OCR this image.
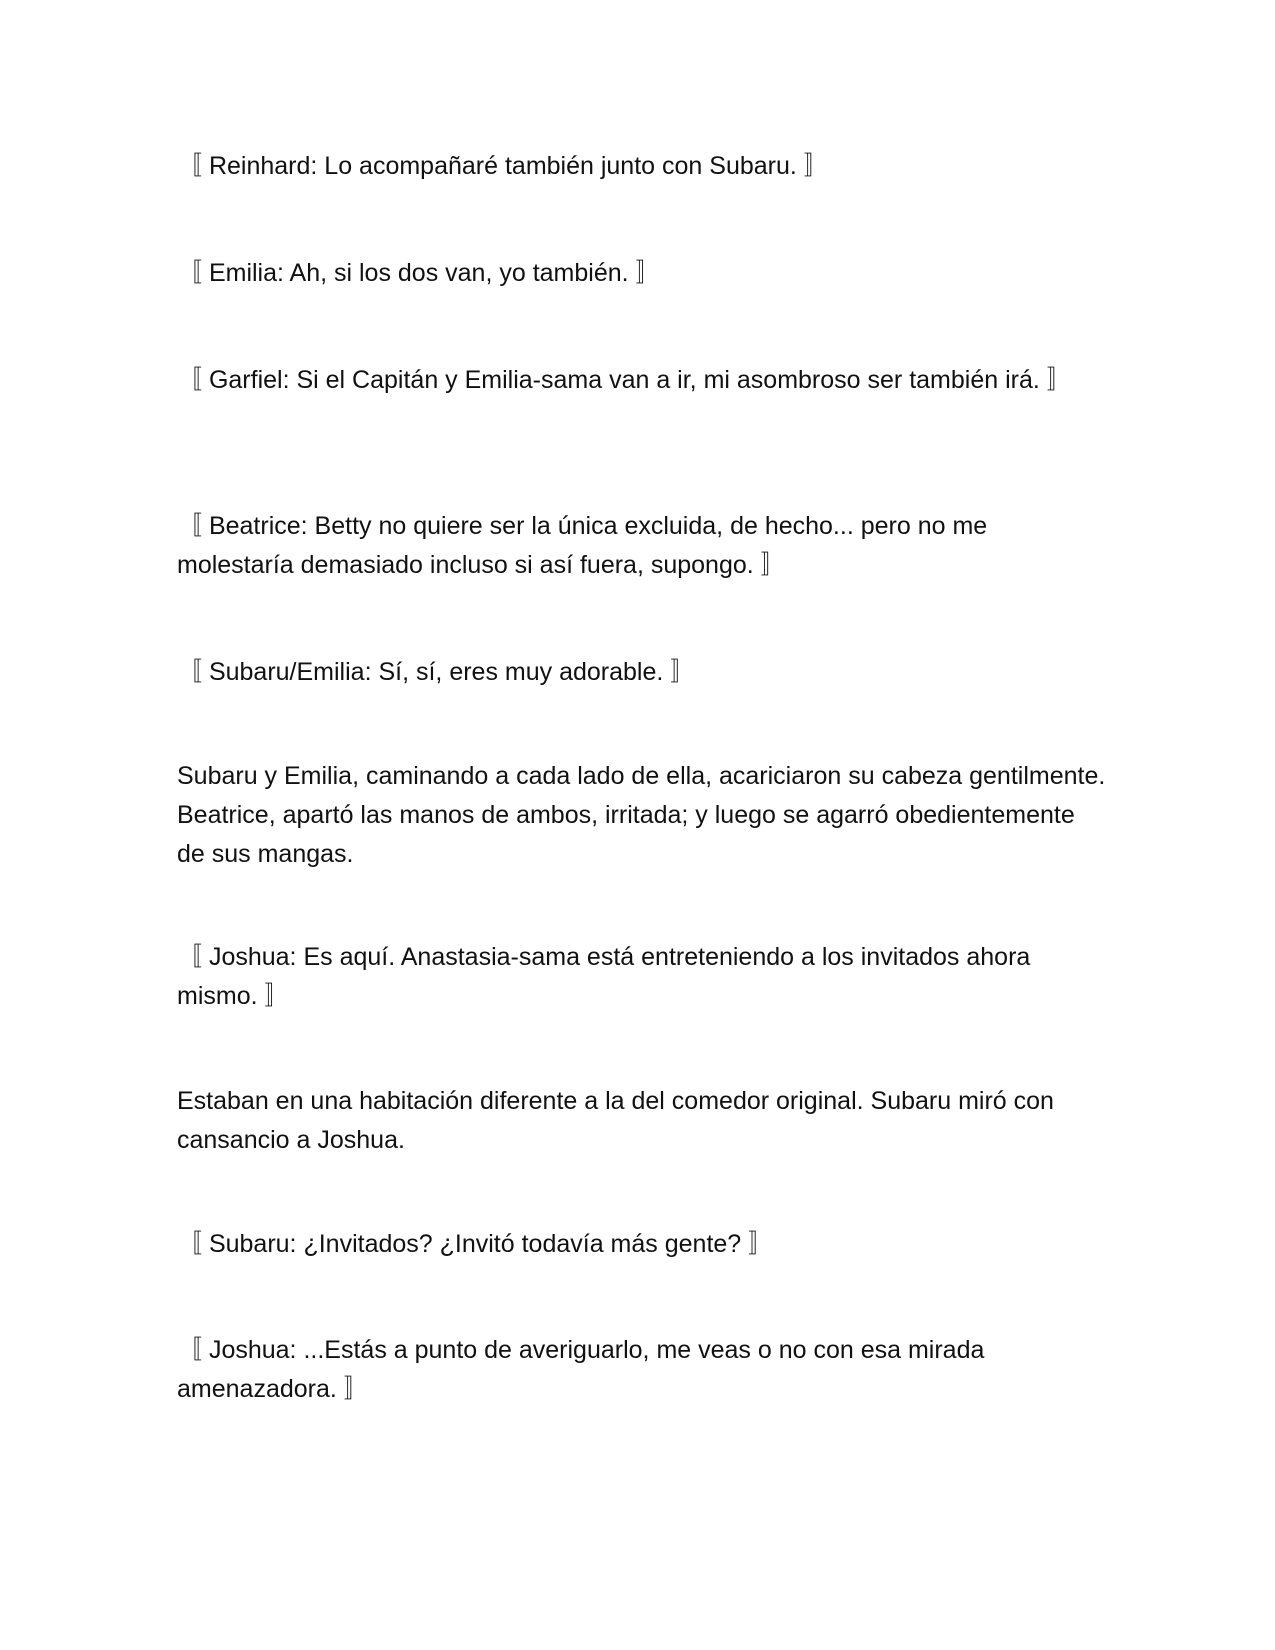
〚 Reinhard: Lo acompañaré también junto con Subaru. 〛

〚 Emilia: Ah, si los dos van, yo también. 〛

〚 Garfiel: Si el Capitán y Emilia-sama van a ir, mi asombroso ser también irá. 〛

〚 Beatrice: Betty no quiere ser la única excluida, de hecho... pero no me molestaría demasiado incluso si así fuera, supongo. 〛

〚 Subaru/Emilia: Sí, sí, eres muy adorable. 〛

Subaru y Emilia, caminando a cada lado de ella, acariciaron su cabeza gentilmente. Beatrice, apartó las manos de ambos, irritada; y luego se agarró obedientemente de sus mangas.

〚 Joshua: Es aquí. Anastasia-sama está entreteniendo a los invitados ahora mismo. 〛

Estaban en una habitación diferente a la del comedor original. Subaru miró con cansancio a Joshua.

〚 Subaru: ¿Invitados? ¿Invitó todavía más gente? 〛

〚 Joshua: ...Estás a punto de averiguarlo, me veas o no con esa mirada amenazadora. 〛
